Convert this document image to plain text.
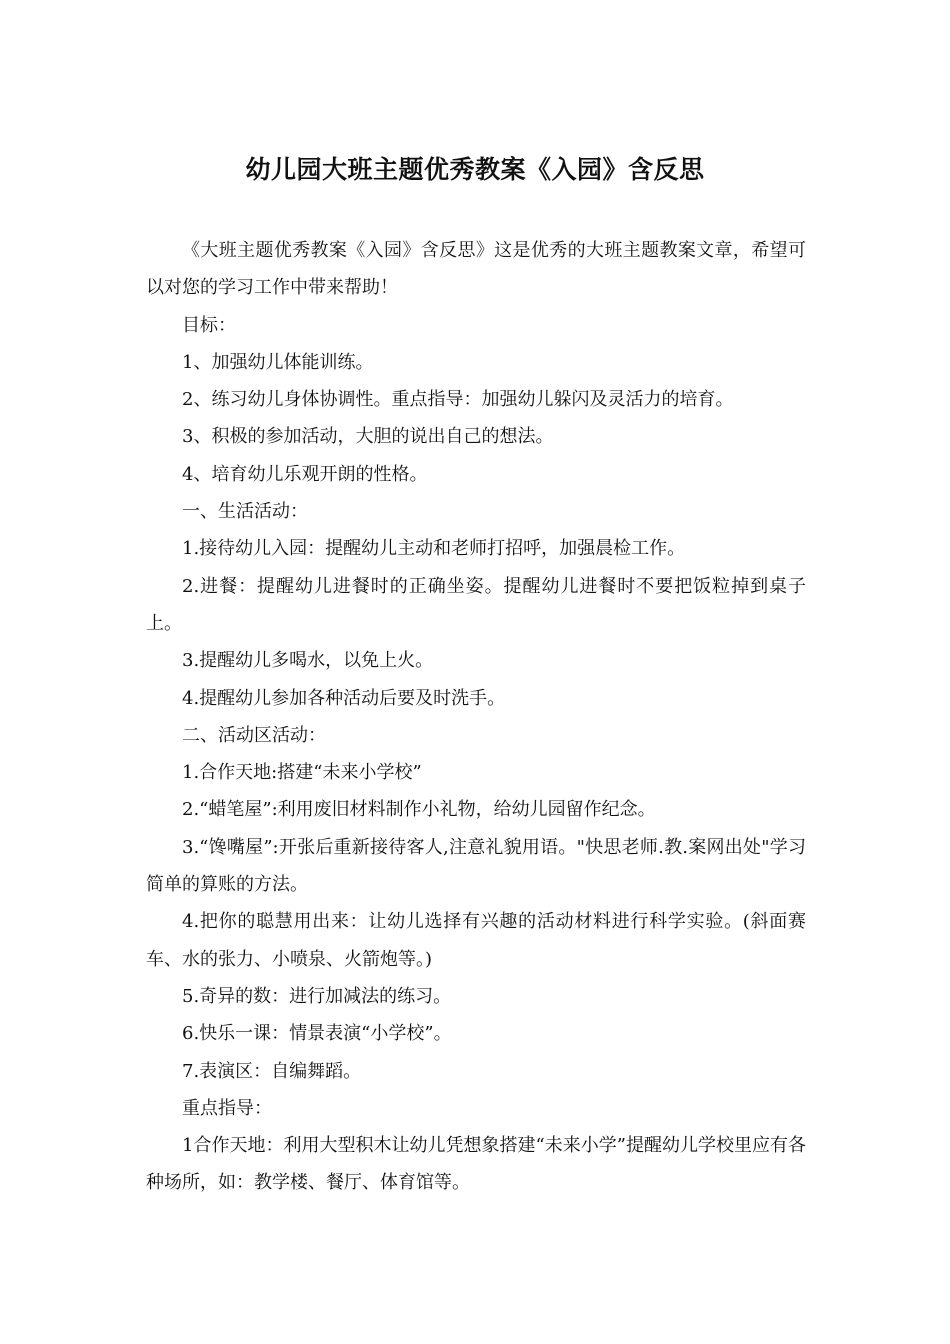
幼儿园大班主题优秀教案《入园》含反思

《大班主题优秀教案《入园》含反思》这是优秀的大班主题教案文章，希望可以对您的学习工作中带来帮助！

目标：

1、加强幼儿体能训练。

2、练习幼儿身体协调性。重点指导：加强幼儿躲闪及灵活力的培育。

3、积极的参加活动，大胆的说出自己的想法。

4、培育幼儿乐观开朗的性格。

一、生活活动：

1.接待幼儿入园：提醒幼儿主动和老师打招呼，加强晨检工作。

2.进餐：提醒幼儿进餐时的正确坐姿。提醒幼儿进餐时不要把饭粒掉到桌子上。

3.提醒幼儿多喝水，以免上火。

4.提醒幼儿参加各种活动后要及时洗手。

二、活动区活动：

1.合作天地:搭建“未来小学校”

2.“蜡笔屋”:利用废旧材料制作小礼物，给幼儿园留作纪念。

3.“馋嘴屋”:开张后重新接待客人,注意礼貌用语。"快思老师.教.案网出处"学习简单的算账的方法。

4.把你的聪慧用出来：让幼儿选择有兴趣的活动材料进行科学实验。(斜面赛车、水的张力、小喷泉、火箭炮等。)

5.奇异的数：进行加减法的练习。

6.快乐一课：情景表演“小学校”。

7.表演区：自编舞蹈。

重点指导：

1合作天地：利用大型积木让幼儿凭想象搭建“未来小学”提醒幼儿学校里应有各种场所，如：教学楼、餐厅、体育馆等。
